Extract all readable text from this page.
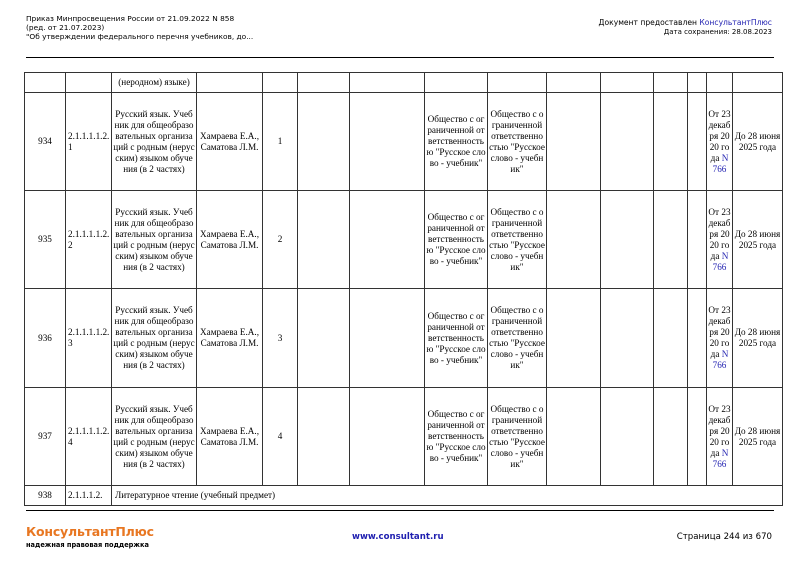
Приказ Минпросвещения России от 21.09.2022 N 858
(ред. от 21.07.2023)
"Об утверждении федерального перечня учебников, до...
Документ предоставлен КонсультантПлюс
Дата сохранения: 28.08.2023
		(неродном) языке)												
934	2.1.1.1.1.2.1	Русский язык. Учебник для общеобразовательных организаций с родным (нерусским) языком обучения (в 2 частях)	Хамраева Е.А., Саматова Л.М.	1			Общество с ограниченной ответственностью "Русское слово - учебник"	Общество с ограниченной ответственностью "Русское слово - учебник"					От 23 декабря 2020 года N 766	До 28 июня 2025 года
935	2.1.1.1.1.2.2	Русский язык. Учебник для общеобразовательных организаций с родным (нерусским) языком обучения (в 2 частях)	Хамраева Е.А., Саматова Л.М.	2			Общество с ограниченной ответственностью "Русское слово - учебник"	Общество с ограниченной ответственностью "Русское слово - учебник"					От 23 декабря 2020 года N 766	До 28 июня 2025 года
936	2.1.1.1.1.2.3	Русский язык. Учебник для общеобразовательных организаций с родным (нерусским) языком обучения (в 2 частях)	Хамраева Е.А., Саматова Л.М.	3			Общество с ограниченной ответственностью "Русское слово - учебник"	Общество с ограниченной ответственностью "Русское слово - учебник"					От 23 декабря 2020 года N 766	До 28 июня 2025 года
937	2.1.1.1.1.2.4	Русский язык. Учебник для общеобразовательных организаций с родным (нерусским) языком обучения (в 2 частях)	Хамраева Е.А., Саматова Л.М.	4			Общество с ограниченной ответственностью "Русское слово - учебник"	Общество с ограниченной ответственностью "Русское слово - учебник"					От 23 декабря 2020 года N 766	До 28 июня 2025 года
938	2.1.1.1.2.	Литературное чтение (учебный предмет)												
КонсультантПлюс
надежная правовая поддержка
www.consultant.ru	Страница 244 из 670
